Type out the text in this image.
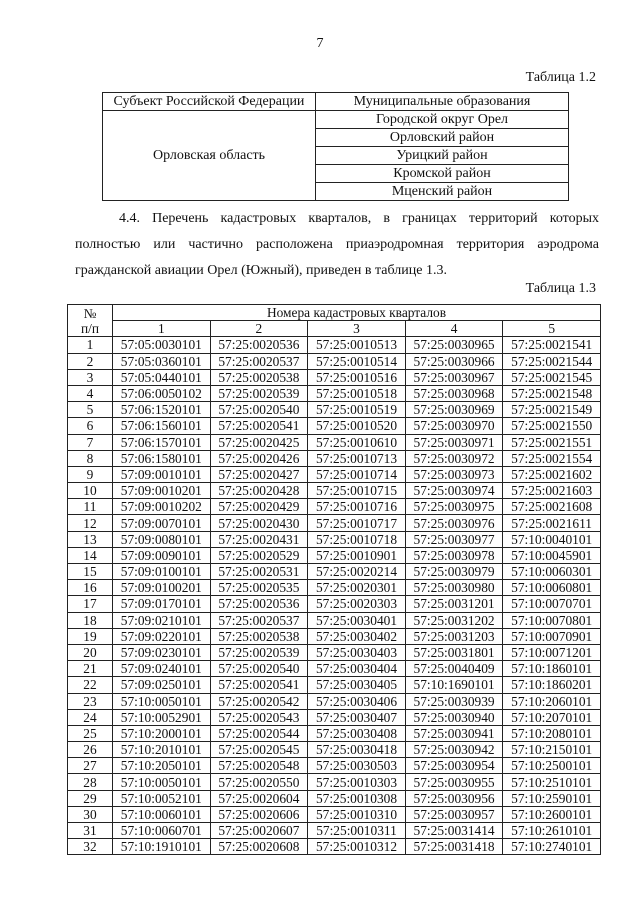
7
Таблица 1.2
Субъект Российской Федерации	Муниципальные образования
Орловская область	Городской округ Орел
	Орловский район
	Урицкий район
	Кромской район
	Мценский район
4.4. Перечень кадастровых кварталов, в границах территорий которых полностью или частично расположена приаэродромная территория аэродрома гражданской авиации Орел (Южный), приведен в таблице 1.3.
Таблица 1.3
№
п/п	Номера кадастровых кварталов				
	1	2	3	4	5
1	57:05:0030101	57:25:0020536	57:25:0010513	57:25:0030965	57:25:0021541
2	57:05:0360101	57:25:0020537	57:25:0010514	57:25:0030966	57:25:0021544
3	57:05:0440101	57:25:0020538	57:25:0010516	57:25:0030967	57:25:0021545
4	57:06:0050102	57:25:0020539	57:25:0010518	57:25:0030968	57:25:0021548
5	57:06:1520101	57:25:0020540	57:25:0010519	57:25:0030969	57:25:0021549
6	57:06:1560101	57:25:0020541	57:25:0010520	57:25:0030970	57:25:0021550
7	57:06:1570101	57:25:0020425	57:25:0010610	57:25:0030971	57:25:0021551
8	57:06:1580101	57:25:0020426	57:25:0010713	57:25:0030972	57:25:0021554
9	57:09:0010101	57:25:0020427	57:25:0010714	57:25:0030973	57:25:0021602
10	57:09:0010201	57:25:0020428	57:25:0010715	57:25:0030974	57:25:0021603
11	57:09:0010202	57:25:0020429	57:25:0010716	57:25:0030975	57:25:0021608
12	57:09:0070101	57:25:0020430	57:25:0010717	57:25:0030976	57:25:0021611
13	57:09:0080101	57:25:0020431	57:25:0010718	57:25:0030977	57:10:0040101
14	57:09:0090101	57:25:0020529	57:25:0010901	57:25:0030978	57:10:0045901
15	57:09:0100101	57:25:0020531	57:25:0020214	57:25:0030979	57:10:0060301
16	57:09:0100201	57:25:0020535	57:25:0020301	57:25:0030980	57:10:0060801
17	57:09:0170101	57:25:0020536	57:25:0020303	57:25:0031201	57:10:0070701
18	57:09:0210101	57:25:0020537	57:25:0030401	57:25:0031202	57:10:0070801
19	57:09:0220101	57:25:0020538	57:25:0030402	57:25:0031203	57:10:0070901
20	57:09:0230101	57:25:0020539	57:25:0030403	57:25:0031801	57:10:0071201
21	57:09:0240101	57:25:0020540	57:25:0030404	57:25:0040409	57:10:1860101
22	57:09:0250101	57:25:0020541	57:25:0030405	57:10:1690101	57:10:1860201
23	57:10:0050101	57:25:0020542	57:25:0030406	57:25:0030939	57:10:2060101
24	57:10:0052901	57:25:0020543	57:25:0030407	57:25:0030940	57:10:2070101
25	57:10:2000101	57:25:0020544	57:25:0030408	57:25:0030941	57:10:2080101
26	57:10:2010101	57:25:0020545	57:25:0030418	57:25:0030942	57:10:2150101
27	57:10:2050101	57:25:0020548	57:25:0030503	57:25:0030954	57:10:2500101
28	57:10:0050101	57:25:0020550	57:25:0010303	57:25:0030955	57:10:2510101
29	57:10:0052101	57:25:0020604	57:25:0010308	57:25:0030956	57:10:2590101
30	57:10:0060101	57:25:0020606	57:25:0010310	57:25:0030957	57:10:2600101
31	57:10:0060701	57:25:0020607	57:25:0010311	57:25:0031414	57:10:2610101
32	57:10:1910101	57:25:0020608	57:25:0010312	57:25:0031418	57:10:2740101
